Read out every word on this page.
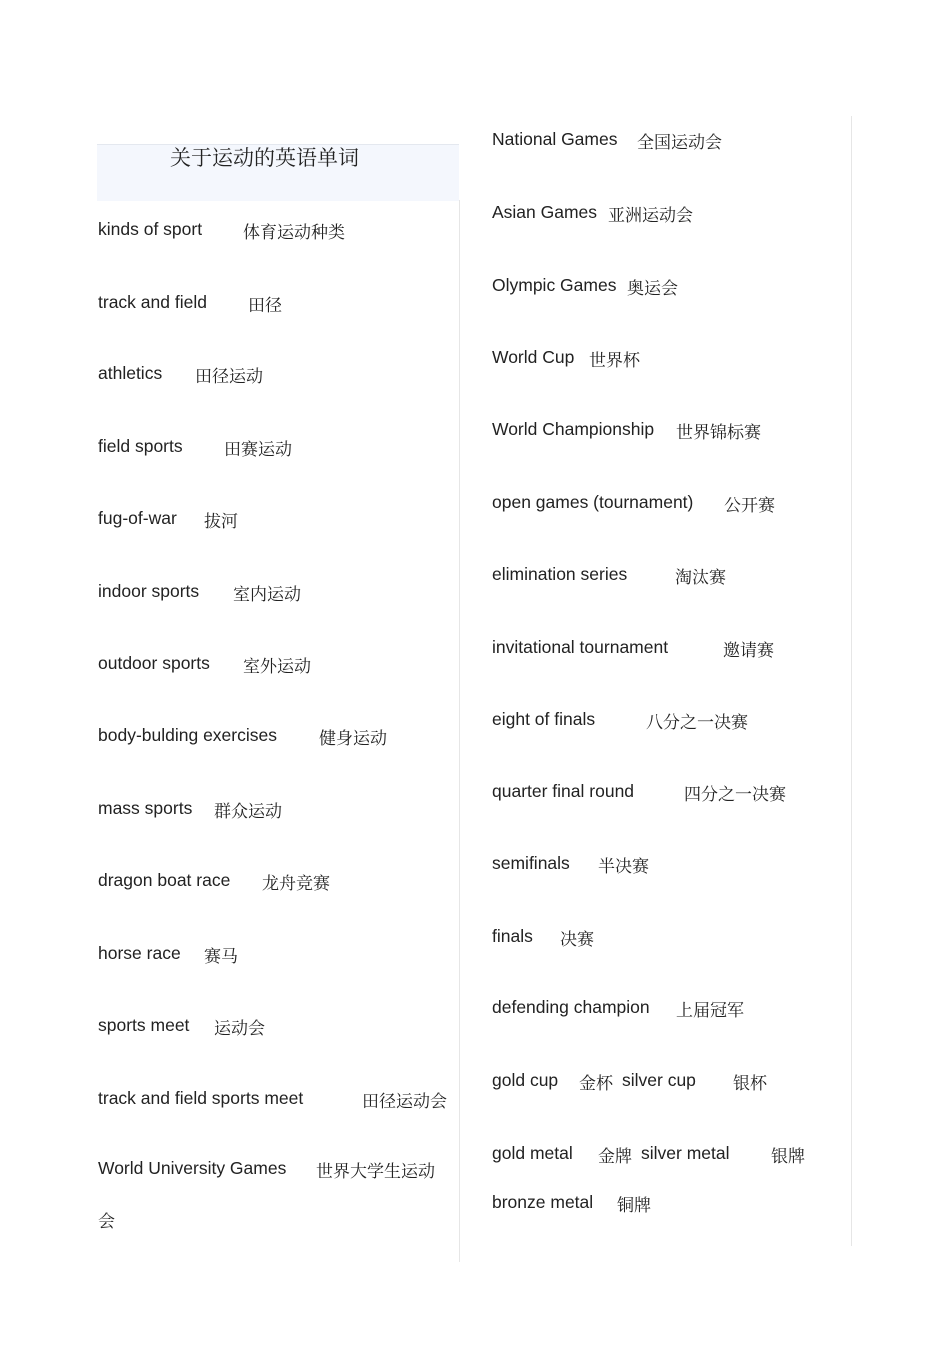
关于运动的英语单词
kinds of sport 体育运动种类
track and field 田径
athletics 田径运动
field sports 田赛运动
fug-of-war 拔河
indoor sports 室内运动
outdoor sports 室外运动
body-bulding exercises 健身运动
mass sports 群众运动
dragon boat race 龙舟竞赛
horse race 赛马
sports meet 运动会
track and field sports meet	田径运动会
World University Games 世界大学生运动
会
National Games 全国运动会
Asian Games 亚洲运动会
Olympic Games 奥运会
World Cup 世界杯
World Championship 世界锦标赛
open games (tournament) 公开赛
elimination series	淘汰赛
invitational tournament	邀请赛
eight of finals	八分之一决赛
quarter final round	四分之一决赛
semifinals 半决赛
finals 决赛
defending champion 上届冠军
gold cup 金杯 silver cup 银杯
gold metal 金牌 silver metal 银牌
bronze metal 铜牌
